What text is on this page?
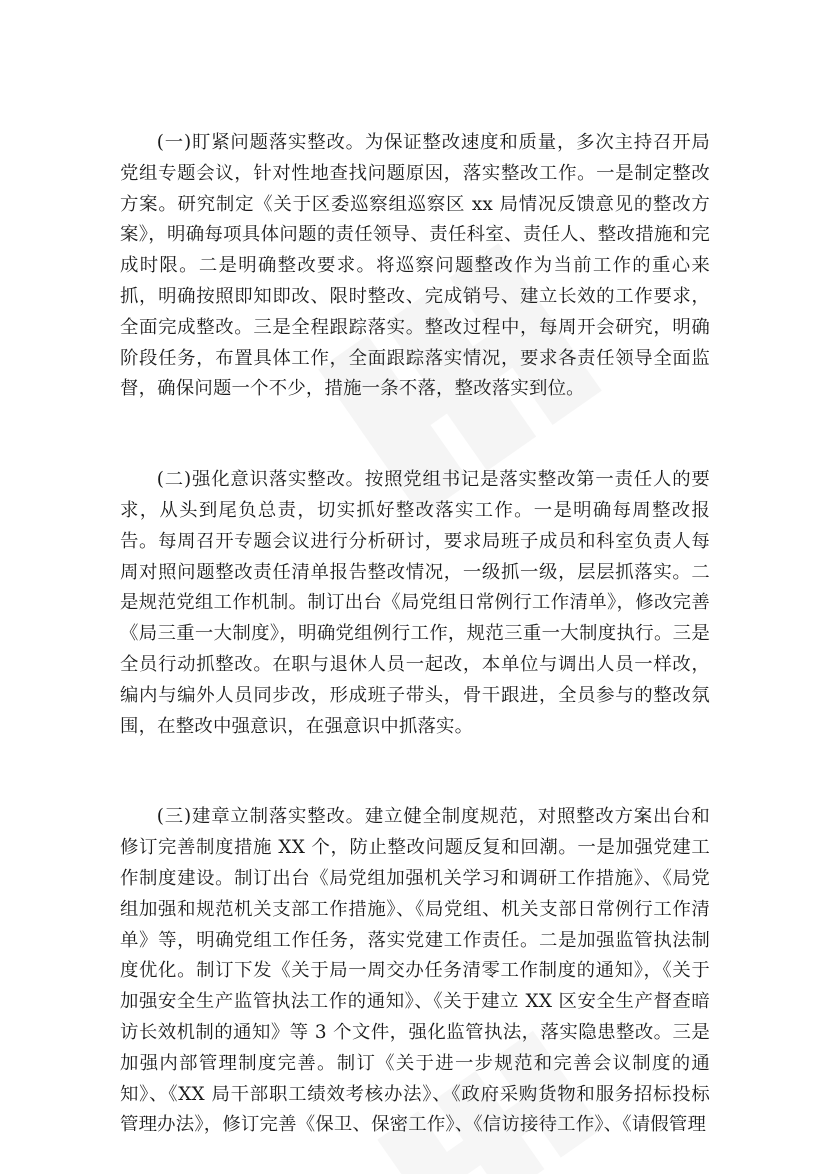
(一)盯紧问题落实整改。为保证整改速度和质量，多次主持召开局党组专题会议，针对性地查找问题原因，落实整改工作。一是制定整改方案。研究制定《关于区委巡察组巡察区 xx 局情况反馈意见的整改方案》，明确每项具体问题的责任领导、责任科室、责任人、整改措施和完成时限。二是明确整改要求。将巡察问题整改作为当前工作的重心来抓，明确按照即知即改、限时整改、完成销号、建立长效的工作要求，全面完成整改。三是全程跟踪落实。整改过程中，每周开会研究，明确阶段任务，布置具体工作，全面跟踪落实情况，要求各责任领导全面监督，确保问题一个不少，措施一条不落，整改落实到位。

(二)强化意识落实整改。按照党组书记是落实整改第一责任人的要求，从头到尾负总责，切实抓好整改落实工作。一是明确每周整改报告。每周召开专题会议进行分析研讨，要求局班子成员和科室负责人每周对照问题整改责任清单报告整改情况，一级抓一级，层层抓落实。二是规范党组工作机制。制订出台《局党组日常例行工作清单》，修改完善《局三重一大制度》，明确党组例行工作，规范三重一大制度执行。三是全员行动抓整改。在职与退休人员一起改，本单位与调出人员一样改，编内与编外人员同步改，形成班子带头，骨干跟进，全员参与的整改氛围，在整改中强意识，在强意识中抓落实。

(三)建章立制落实整改。建立健全制度规范，对照整改方案出台和修订完善制度措施 XX 个，防止整改问题反复和回潮。一是加强党建工作制度建设。制订出台《局党组加强机关学习和调研工作措施》、《局党组加强和规范机关支部工作措施》、《局党组、机关支部日常例行工作清单》等，明确党组工作任务，落实党建工作责任。二是加强监管执法制度优化。制订下发《关于局一周交办任务清零工作制度的通知》，《关于加强安全生产监管执法工作的通知》、《关于建立 XX 区安全生产督查暗访长效机制的通知》等 3 个文件，强化监管执法，落实隐患整改。三是加强内部管理制度完善。制订《关于进一步规范和完善会议制度的通知》、《XX 局干部职工绩效考核办法》、《政府采购货物和服务招标投标管理办法》，修订完善《保卫、保密工作》、《信访接待工作》、《请假管理
